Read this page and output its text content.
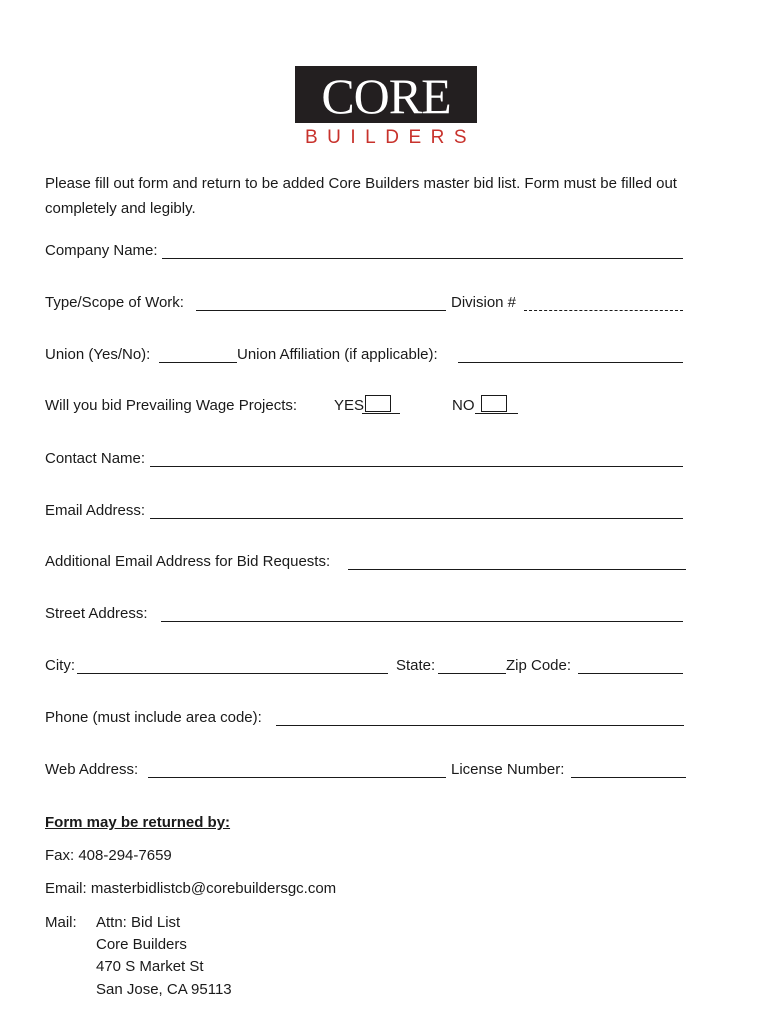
CORE
BUILDERS
Please fill out form and return to be added Core Builders master bid list. Form must be filled out completely and legibly.
Company Name:
Type/Scope of Work:	Division #
Union (Yes/No):	Union Affiliation (if applicable):
Will you bid Prevailing Wage Projects: YES	NO
Contact Name:
Email Address:
Additional Email Address for Bid Requests:
Street Address:
City:	State:	Zip Code:
Phone (must include area code):
Web Address:	License Number:
Form may be returned by:
Fax: 408-294-7659
Email: masterbidlistcb@corebuildersgc.com
Mail: Attn: Bid List
Core Builders
470 S Market St
San Jose, CA 95113
